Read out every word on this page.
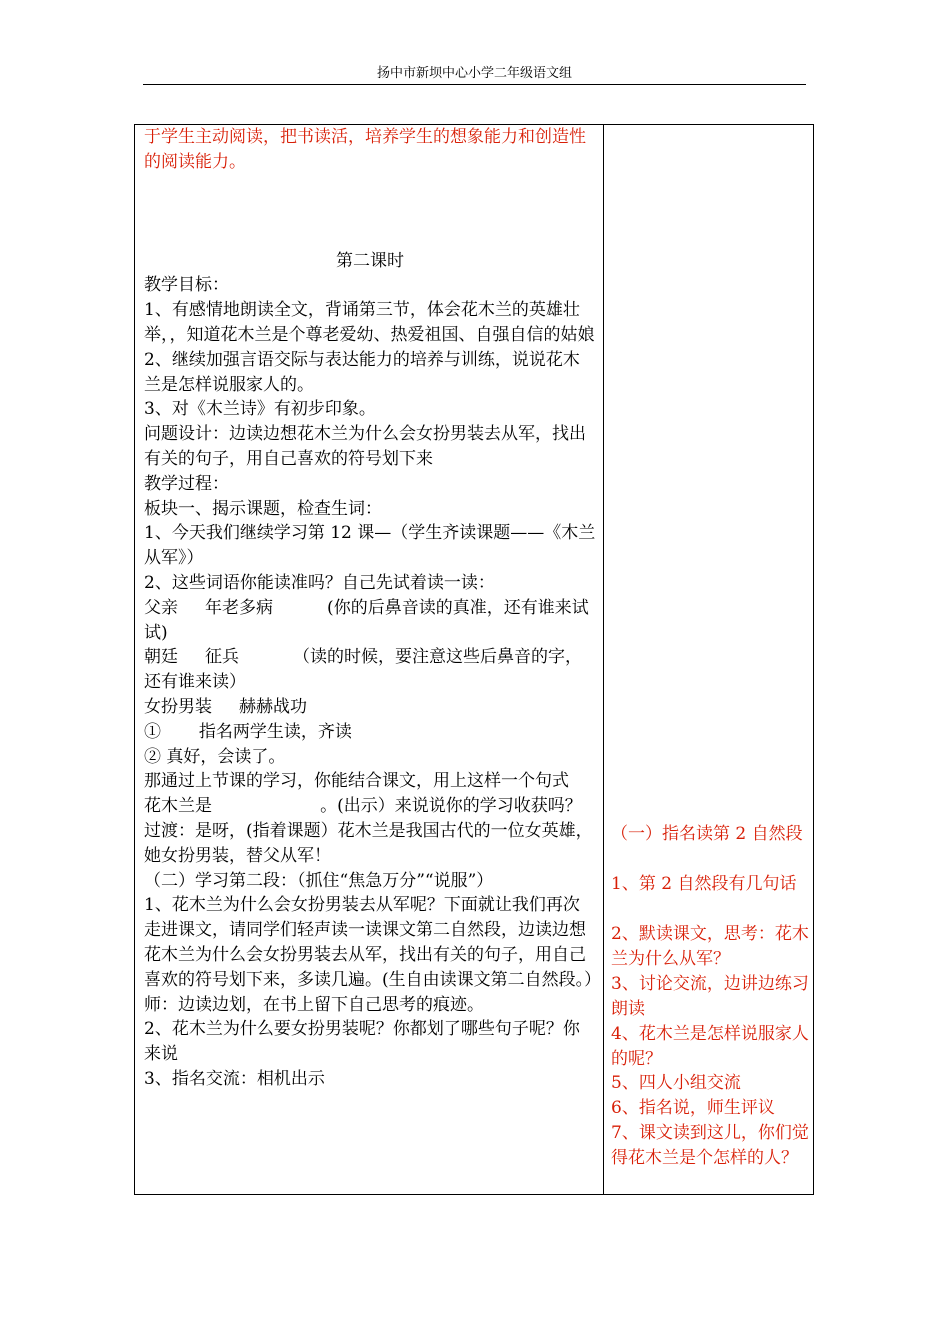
扬中市新坝中心小学二年级语文组

于学生主动阅读，把书读活，培养学生的想象能力和创造性的阅读能力。

第二课时

教学目标：

1、有感情地朗读全文，背诵第三节，体会花木兰的英雄壮举，，知道花木兰是个尊老爱幼、热爱祖国、自强自信的姑娘

2、继续加强言语交际与表达能力的培养与训练，说说花木兰是怎样说服家人的。

3、对《木兰诗》有初步印象。

问题设计：边读边想花木兰为什么会女扮男装去从军，找出有关的句子，用自己喜欢的符号划下来

教学过程：

板块一、揭示课题，检查生词：

1、今天我们继续学习第 12 课—（学生齐读课题——《木兰从军》）

2、这些词语你能读准吗？自己先试着读一读：

父亲     年老多病          (你的后鼻音读的真准，还有谁来试试)

朝廷     征兵          （读的时候，要注意这些后鼻音的字，还有谁来读）

女扮男装     赫赫战功

①       指名两学生读，齐读

② 真好，会读了。

那通过上节课的学习，你能结合课文，用上这样一个句式

花木兰是                    。(出示）来说说你的学习收获吗？

过渡：是呀，(指着课题）花木兰是我国古代的一位女英雄，她女扮男装，替父从军！

（二）学习第二段：（抓住“焦急万分”“说服”）

1、花木兰为什么会女扮男装去从军呢？下面就让我们再次走进课文，请同学们轻声读一读课文第二自然段，边读边想花木兰为什么会女扮男装去从军，找出有关的句子，用自己喜欢的符号划下来，多读几遍。(生自由读课文第二自然段。）

师：边读边划，在书上留下自己思考的痕迹。

2、花木兰为什么要女扮男装呢？你都划了哪些句子呢？你来说

3、指名交流：相机出示

（一）指名读第 2 自然段

1、第 2 自然段有几句话

2、默读课文，思考：花木兰为什么从军？

3、讨论交流，边讲边练习朗读

4、花木兰是怎样说服家人的呢？

5、四人小组交流

6、指名说，师生评议

7、课文读到这儿，你们觉得花木兰是个怎样的人？
